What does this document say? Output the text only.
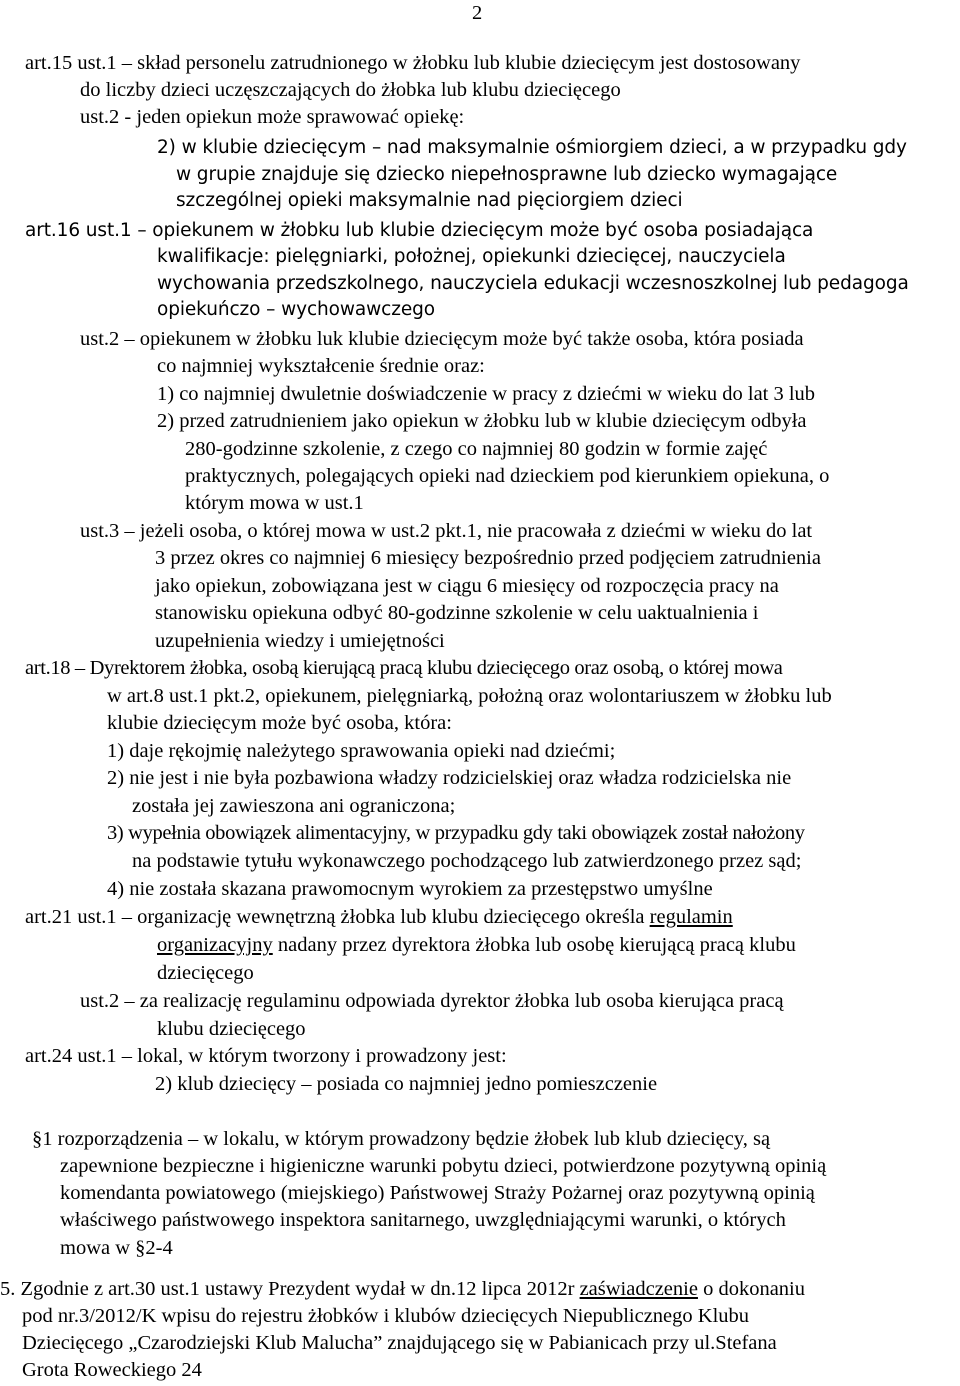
2
art.15 ust.1 – skład personelu zatrudnionego w żłobku lub klubie dziecięcym jest dostosowany
do liczby dzieci uczęszczających do żłobka lub klubu dziecięcego
ust.2 - jeden opiekun może sprawować opiekę:
2) w klubie dziecięcym – nad maksymalnie ośmiorgiem dzieci, a w przypadku gdy
w grupie znajduje się dziecko niepełnosprawne lub dziecko wymagające
szczególnej opieki maksymalnie nad pięciorgiem dzieci
art.16 ust.1 – opiekunem w żłobku lub klubie dziecięcym może być osoba posiadająca
kwalifikacje: pielęgniarki, położnej, opiekunki dziecięcej, nauczyciela
wychowania przedszkolnego, nauczyciela edukacji wczesnoszkolnej lub pedagoga
opiekuńczo – wychowawczego
ust.2 – opiekunem w żłobku luk klubie dziecięcym może być także osoba, która posiada
co najmniej wykształcenie średnie oraz:
1) co najmniej dwuletnie doświadczenie w pracy z dziećmi w wieku do lat 3 lub
2) przed zatrudnieniem jako opiekun w żłobku lub w klubie dziecięcym odbyła
280-godzinne szkolenie, z czego co najmniej 80 godzin w formie zajęć
praktycznych, polegających opieki nad dzieckiem pod kierunkiem opiekuna, o
którym mowa w ust.1
ust.3 – jeżeli osoba, o której mowa w ust.2 pkt.1, nie pracowała z dziećmi w wieku do lat
3 przez okres co najmniej 6 miesięcy bezpośrednio przed podjęciem zatrudnienia
jako opiekun, zobowiązana jest w ciągu 6 miesięcy od rozpoczęcia pracy na
stanowisku opiekuna odbyć 80-godzinne szkolenie w celu uaktualnienia i
uzupełnienia wiedzy i umiejętności
art.18 – Dyrektorem żłobka, osobą kierującą pracą klubu dziecięcego oraz osobą, o której mowa
w art.8 ust.1 pkt.2, opiekunem, pielęgniarką, położną oraz wolontariuszem w żłobku lub
klubie dziecięcym może być osoba, która:
1) daje rękojmię należytego sprawowania opieki nad dziećmi;
2) nie jest i nie była pozbawiona władzy rodzicielskiej oraz władza rodzicielska nie
została jej zawieszona ani ograniczona;
3) wypełnia obowiązek alimentacyjny, w przypadku gdy taki obowiązek został nałożony
na podstawie tytułu wykonawczego pochodzącego lub zatwierdzonego przez sąd;
4) nie została skazana prawomocnym wyrokiem za przestępstwo umyślne
art.21 ust.1 – organizację wewnętrzną żłobka lub klubu dziecięcego określa regulamin
organizacyjny nadany przez dyrektora żłobka lub osobę kierującą pracą klubu
dziecięcego
ust.2 – za realizację regulaminu odpowiada dyrektor żłobka lub osoba kierująca pracą
klubu dziecięcego
art.24 ust.1 – lokal, w którym tworzony i prowadzony jest:
2) klub dziecięcy – posiada co najmniej jedno pomieszczenie
§1 rozporządzenia – w lokalu, w którym prowadzony będzie żłobek lub klub dziecięcy, są
zapewnione bezpieczne i higieniczne warunki pobytu dzieci, potwierdzone pozytywną opinią
komendanta powiatowego (miejskiego) Państwowej Straży Pożarnej oraz pozytywną opinią
właściwego państwowego inspektora sanitarnego, uwzględniającymi warunki, o których
mowa w §2-4
5. Zgodnie z art.30 ust.1 ustawy Prezydent wydał w dn.12 lipca 2012r zaświadczenie o dokonaniu
pod nr.3/2012/K wpisu do rejestru żłobków i klubów dziecięcych Niepublicznego Klubu
Dziecięcego „Czarodziejski Klub Malucha” znajdującego się w Pabianicach przy ul.Stefana
Grota Roweckiego 24
